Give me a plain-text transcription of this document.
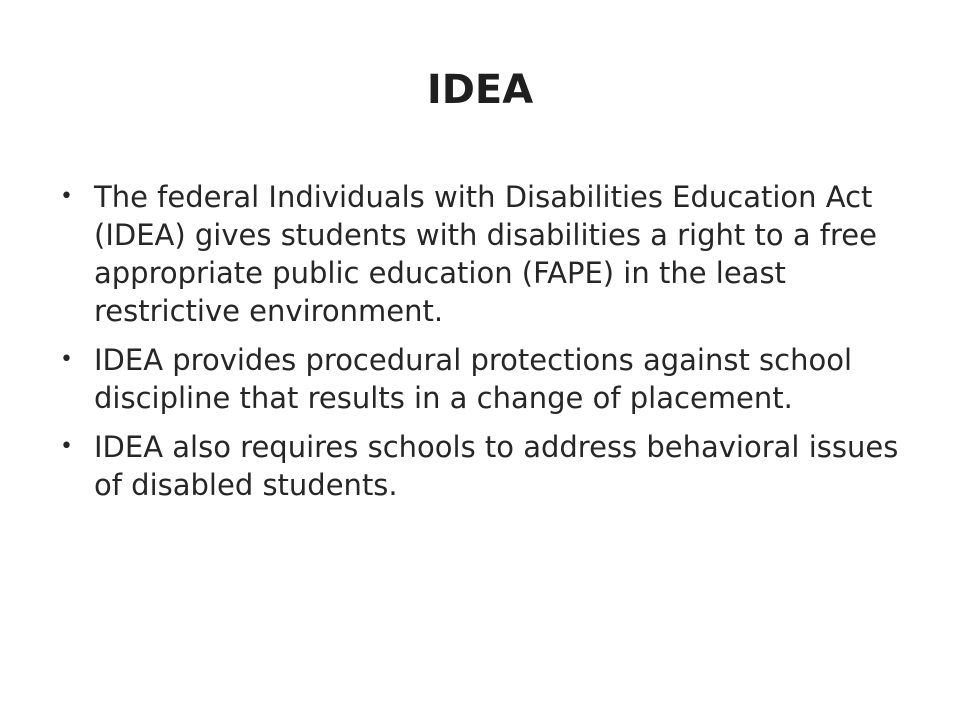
IDEA
• The federal Individuals with Disabilities Education Act (IDEA) gives students with disabilities a right to a free appropriate public education (FAPE) in the least restrictive environment.
• IDEA provides procedural protections against school discipline that results in a change of placement.
• IDEA also requires schools to address behavioral issues of disabled students.
